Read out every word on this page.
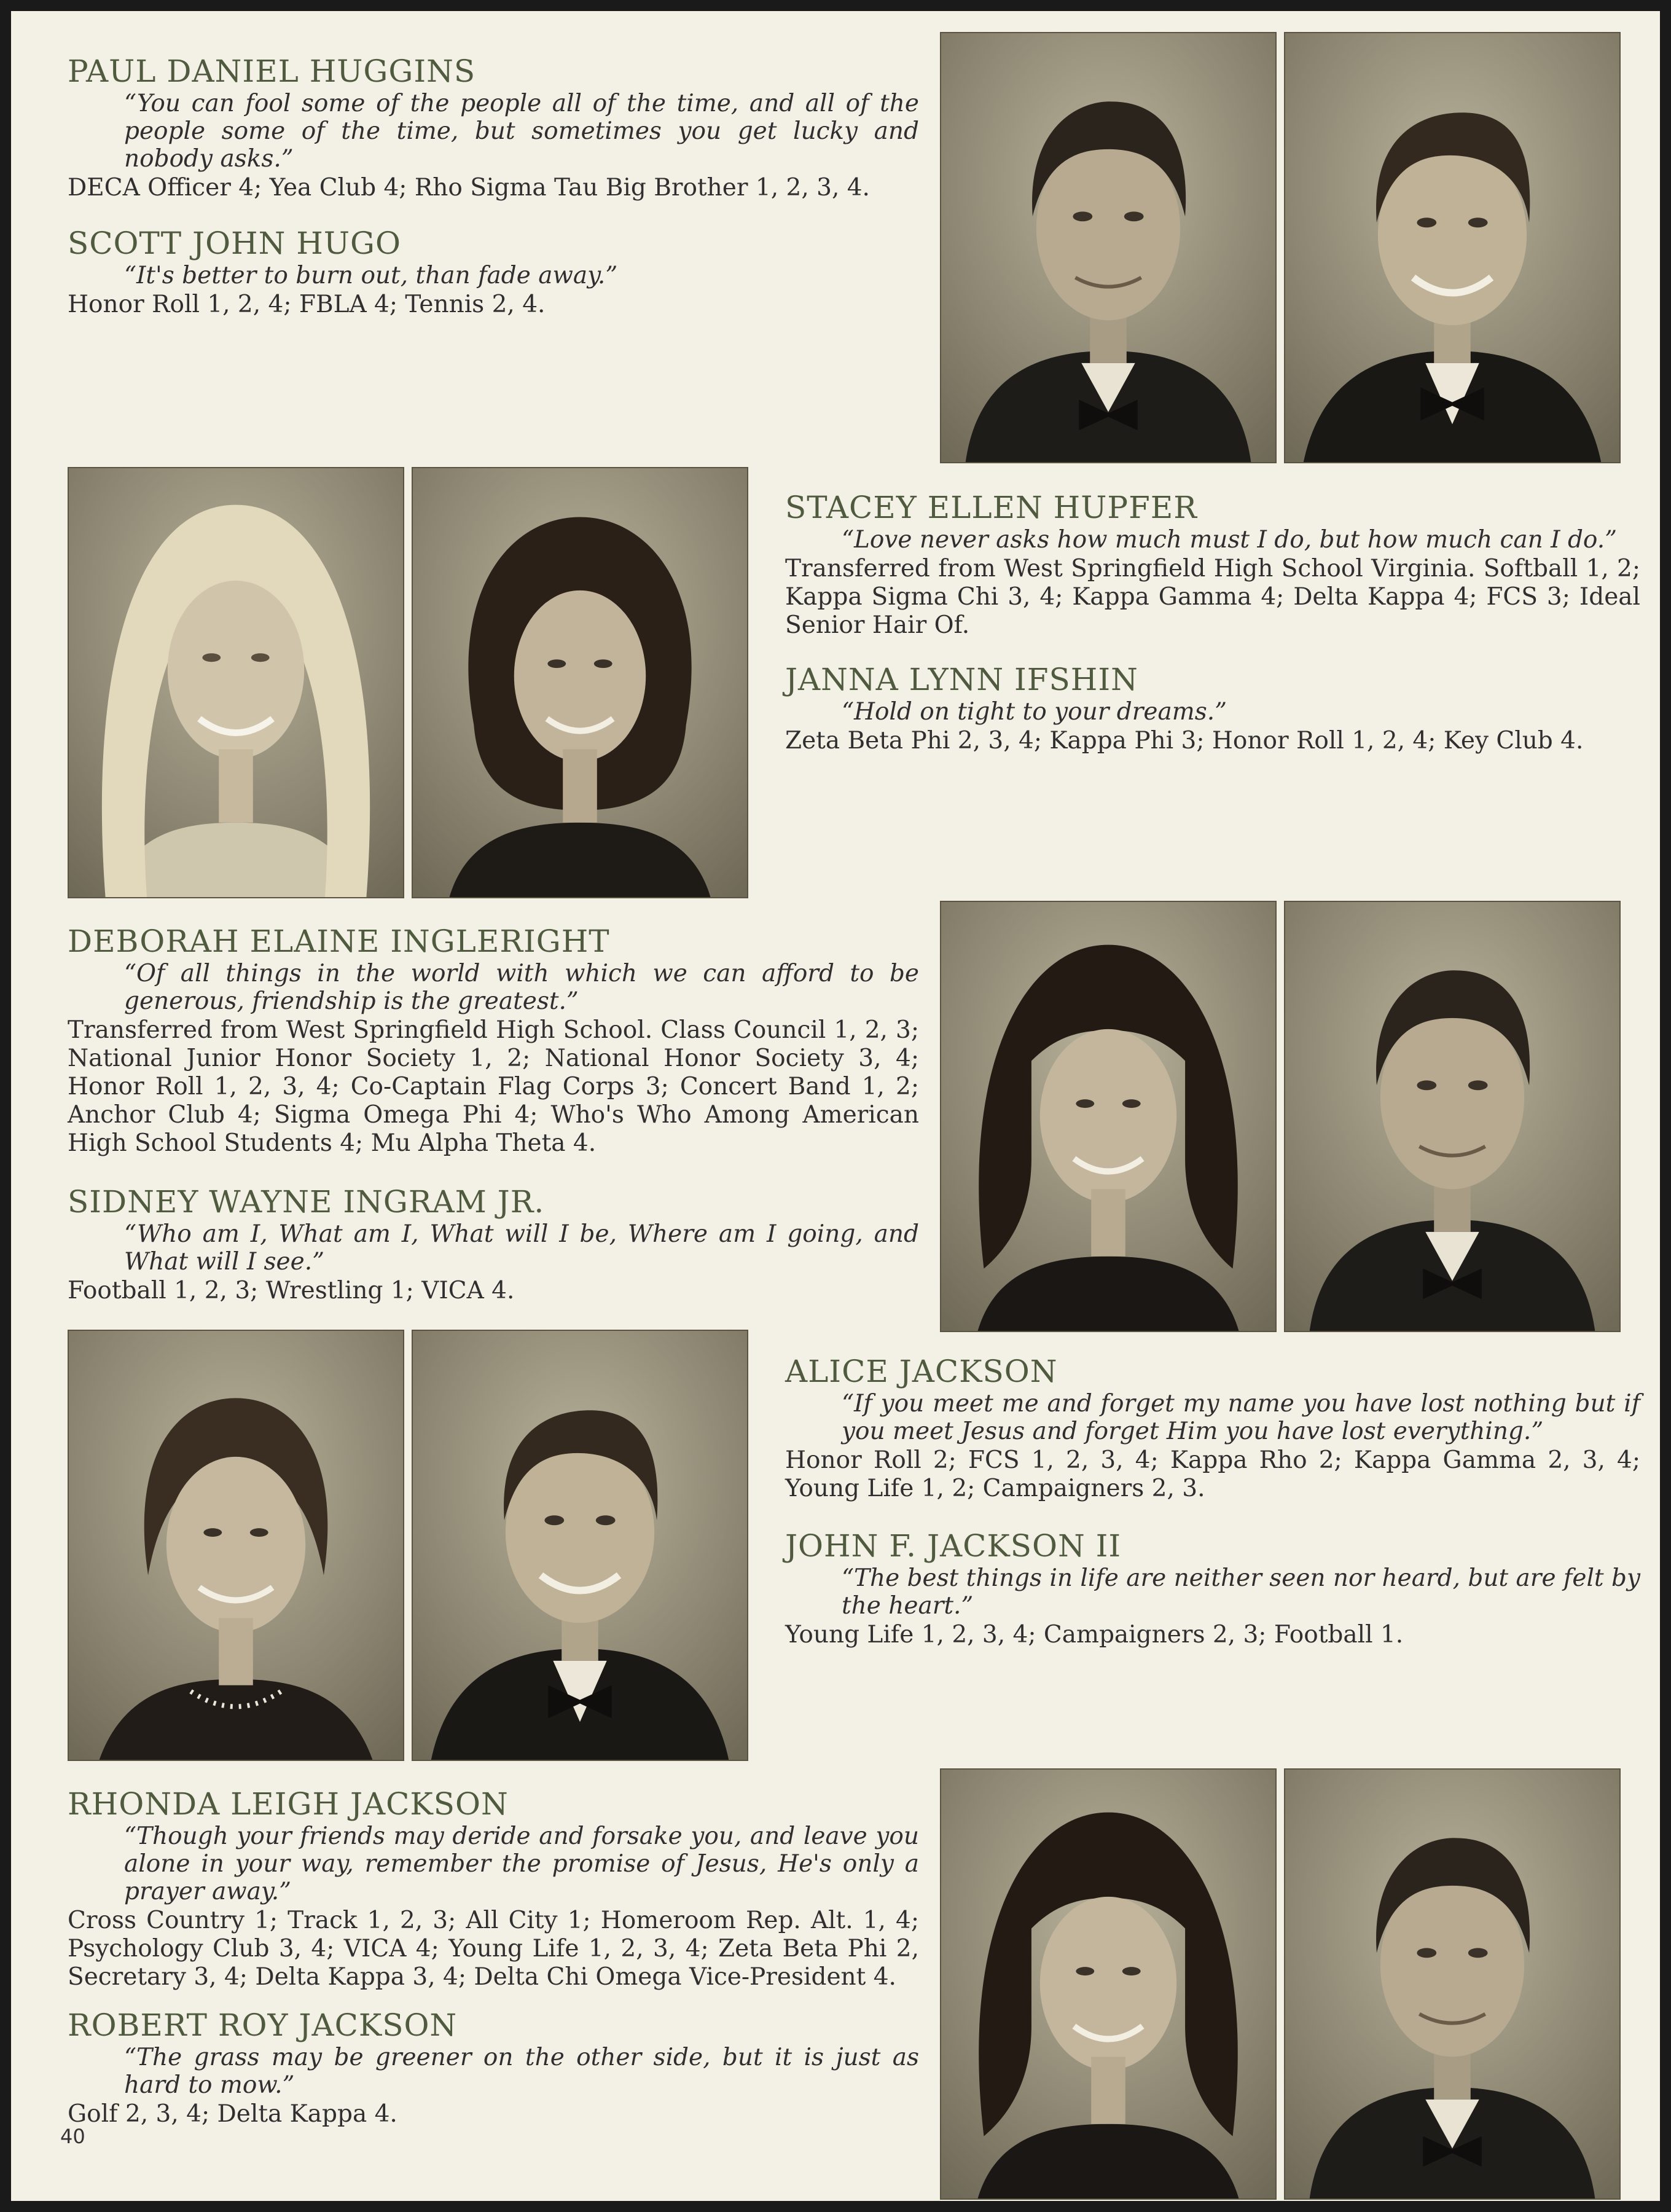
PAUL DANIEL HUGGINS

“You can fool some of the people all of the time, and all of the people some of the time, but sometimes you get lucky and nobody asks.”

DECA Officer 4; Yea Club 4; Rho Sigma Tau Big Brother 1, 2, 3, 4.

SCOTT JOHN HUGO

“It's better to burn out, than fade away.”

Honor Roll 1, 2, 4; FBLA 4; Tennis 2, 4.

STACEY ELLEN HUPFER

“Love never asks how much must I do, but how much can I do.”

Transferred from West Springfield High School Virginia. Softball 1, 2; Kappa Sigma Chi 3, 4; Kappa Gamma 4; Delta Kappa 4; FCS 3; Ideal Senior Hair Of.

JANNA LYNN IFSHIN

“Hold on tight to your dreams.”

Zeta Beta Phi 2, 3, 4; Kappa Phi 3; Honor Roll 1, 2, 4; Key Club 4.

DEBORAH ELAINE INGLERIGHT

“Of all things in the world with which we can afford to be generous, friendship is the greatest.”

Transferred from West Springfield High School. Class Council 1, 2, 3; National Junior Honor Society 1, 2; National Honor Society 3, 4; Honor Roll 1, 2, 3, 4; Co-Captain Flag Corps 3; Concert Band 1, 2; Anchor Club 4; Sigma Omega Phi 4; Who's Who Among American High School Students 4; Mu Alpha Theta 4.

SIDNEY WAYNE INGRAM JR.

“Who am I, What am I, What will I be, Where am I going, and What will I see.”

Football 1, 2, 3; Wrestling 1; VICA 4.

ALICE JACKSON

“If you meet me and forget my name you have lost nothing but if you meet Jesus and forget Him you have lost everything.”

Honor Roll 2; FCS 1, 2, 3, 4; Kappa Rho 2; Kappa Gamma 2, 3, 4; Young Life 1, 2; Campaigners 2, 3.

JOHN F. JACKSON II

“The best things in life are neither seen nor heard, but are felt by the heart.”

Young Life 1, 2, 3, 4; Campaigners 2, 3; Football 1.

RHONDA LEIGH JACKSON

“Though your friends may deride and forsake you, and leave you alone in your way, remember the promise of Jesus, He's only a prayer away.”

Cross Country 1; Track 1, 2, 3; All City 1; Homeroom Rep. Alt. 1, 4; Psychology Club 3, 4; VICA 4; Young Life 1, 2, 3, 4; Zeta Beta Phi 2, Secretary 3, 4; Delta Kappa 3, 4; Delta Chi Omega Vice-President 4.

ROBERT ROY JACKSON

“The grass may be greener on the other side, but it is just as hard to mow.”

Golf 2, 3, 4; Delta Kappa 4.

40
